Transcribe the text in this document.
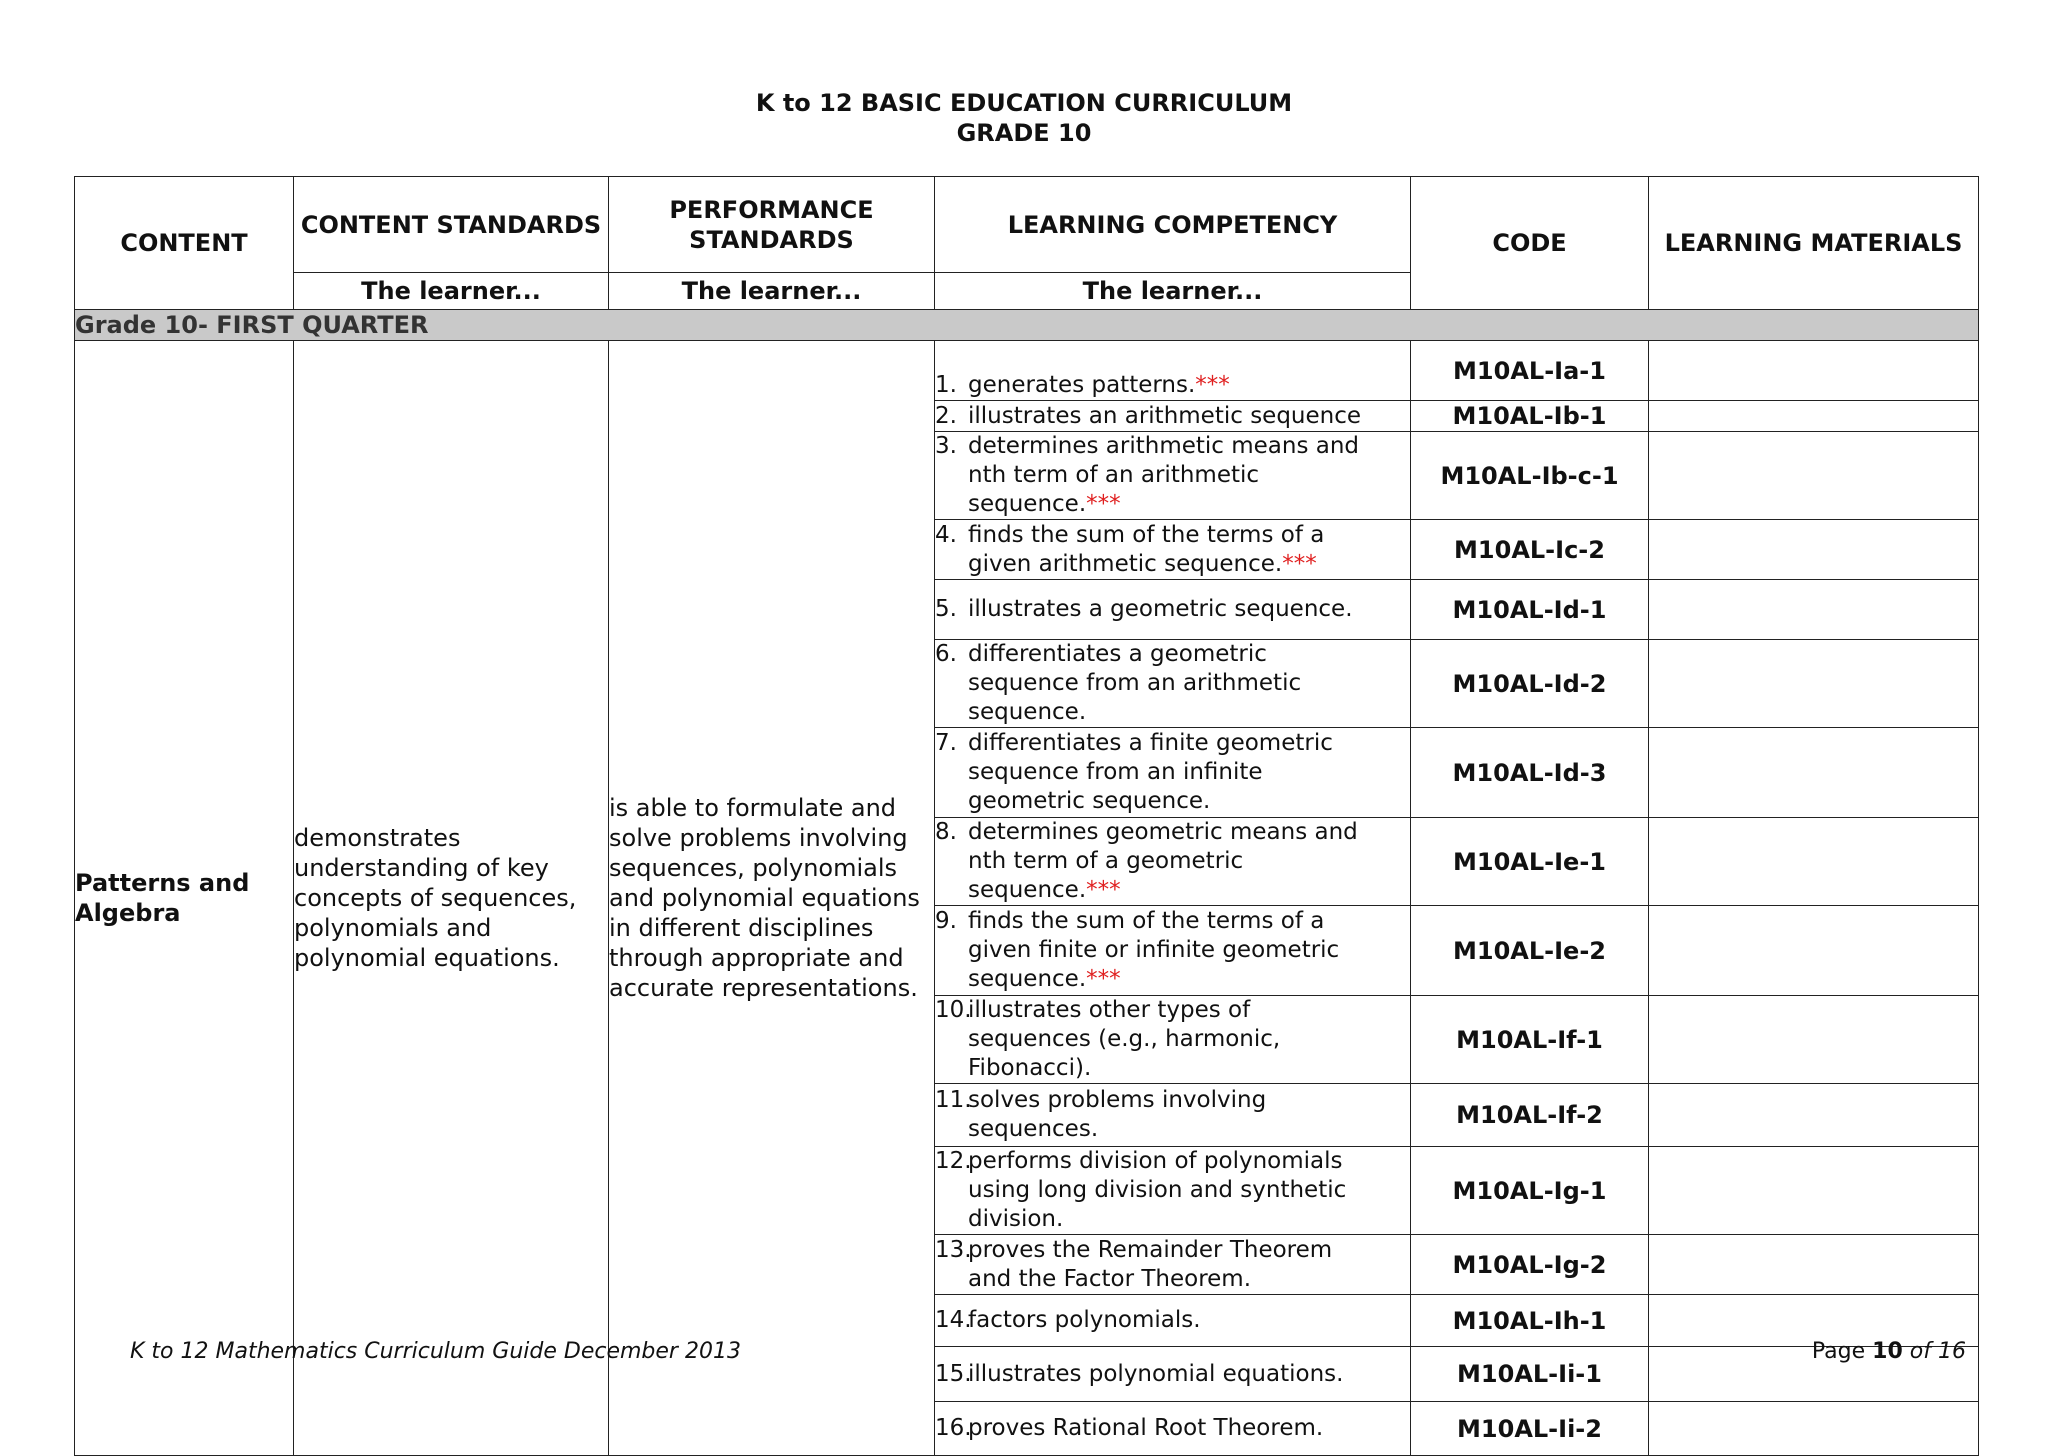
K to 12 BASIC EDUCATION CURRICULUM
GRADE 10
CONTENT	CONTENT STANDARDS	PERFORMANCE STANDARDS	LEARNING COMPETENCY	CODE	LEARNING MATERIALS
	The learner...	The learner...	The learner...		
Grade 10- FIRST QUARTER					
Patterns and Algebra	demonstrates understanding of key concepts of sequences, polynomials and polynomial equations.	is able to formulate and solve problems involving sequences, polynomials and polynomial equations in different disciplines through appropriate and accurate representations.	1. generates patterns.***	M10AL-Ia-1	
			2. illustrates an arithmetic sequence	M10AL-Ib-1	
			3. determines arithmetic means and nth term of an arithmetic sequence.***	M10AL-Ib-c-1	
			4. finds the sum of the terms of a given arithmetic sequence.***	M10AL-Ic-2	
			5. illustrates a geometric sequence.	M10AL-Id-1	
			6. differentiates a geometric sequence from an arithmetic sequence.	M10AL-Id-2	
			7. differentiates a finite geometric sequence from an infinite geometric sequence.	M10AL-Id-3	
			8. determines geometric means and nth term of a geometric sequence.***	M10AL-Ie-1	
			9. finds the sum of the terms of a given finite or infinite geometric sequence.***	M10AL-Ie-2	
			10.illustrates other types of sequences (e.g., harmonic, Fibonacci).	M10AL-If-1	
			11.solves problems involving sequences.	M10AL-If-2	
			12.performs division of polynomials using long division and synthetic division.	M10AL-Ig-1	
			13.proves the Remainder Theorem and the Factor Theorem.	M10AL-Ig-2	
			14.factors polynomials.	M10AL-Ih-1	
			15.illustrates polynomial equations.	M10AL-Ii-1	
			16.proves Rational Root Theorem.	M10AL-Ii-2	
K to 12 Mathematics Curriculum Guide December 2013	Page 10 of 16
